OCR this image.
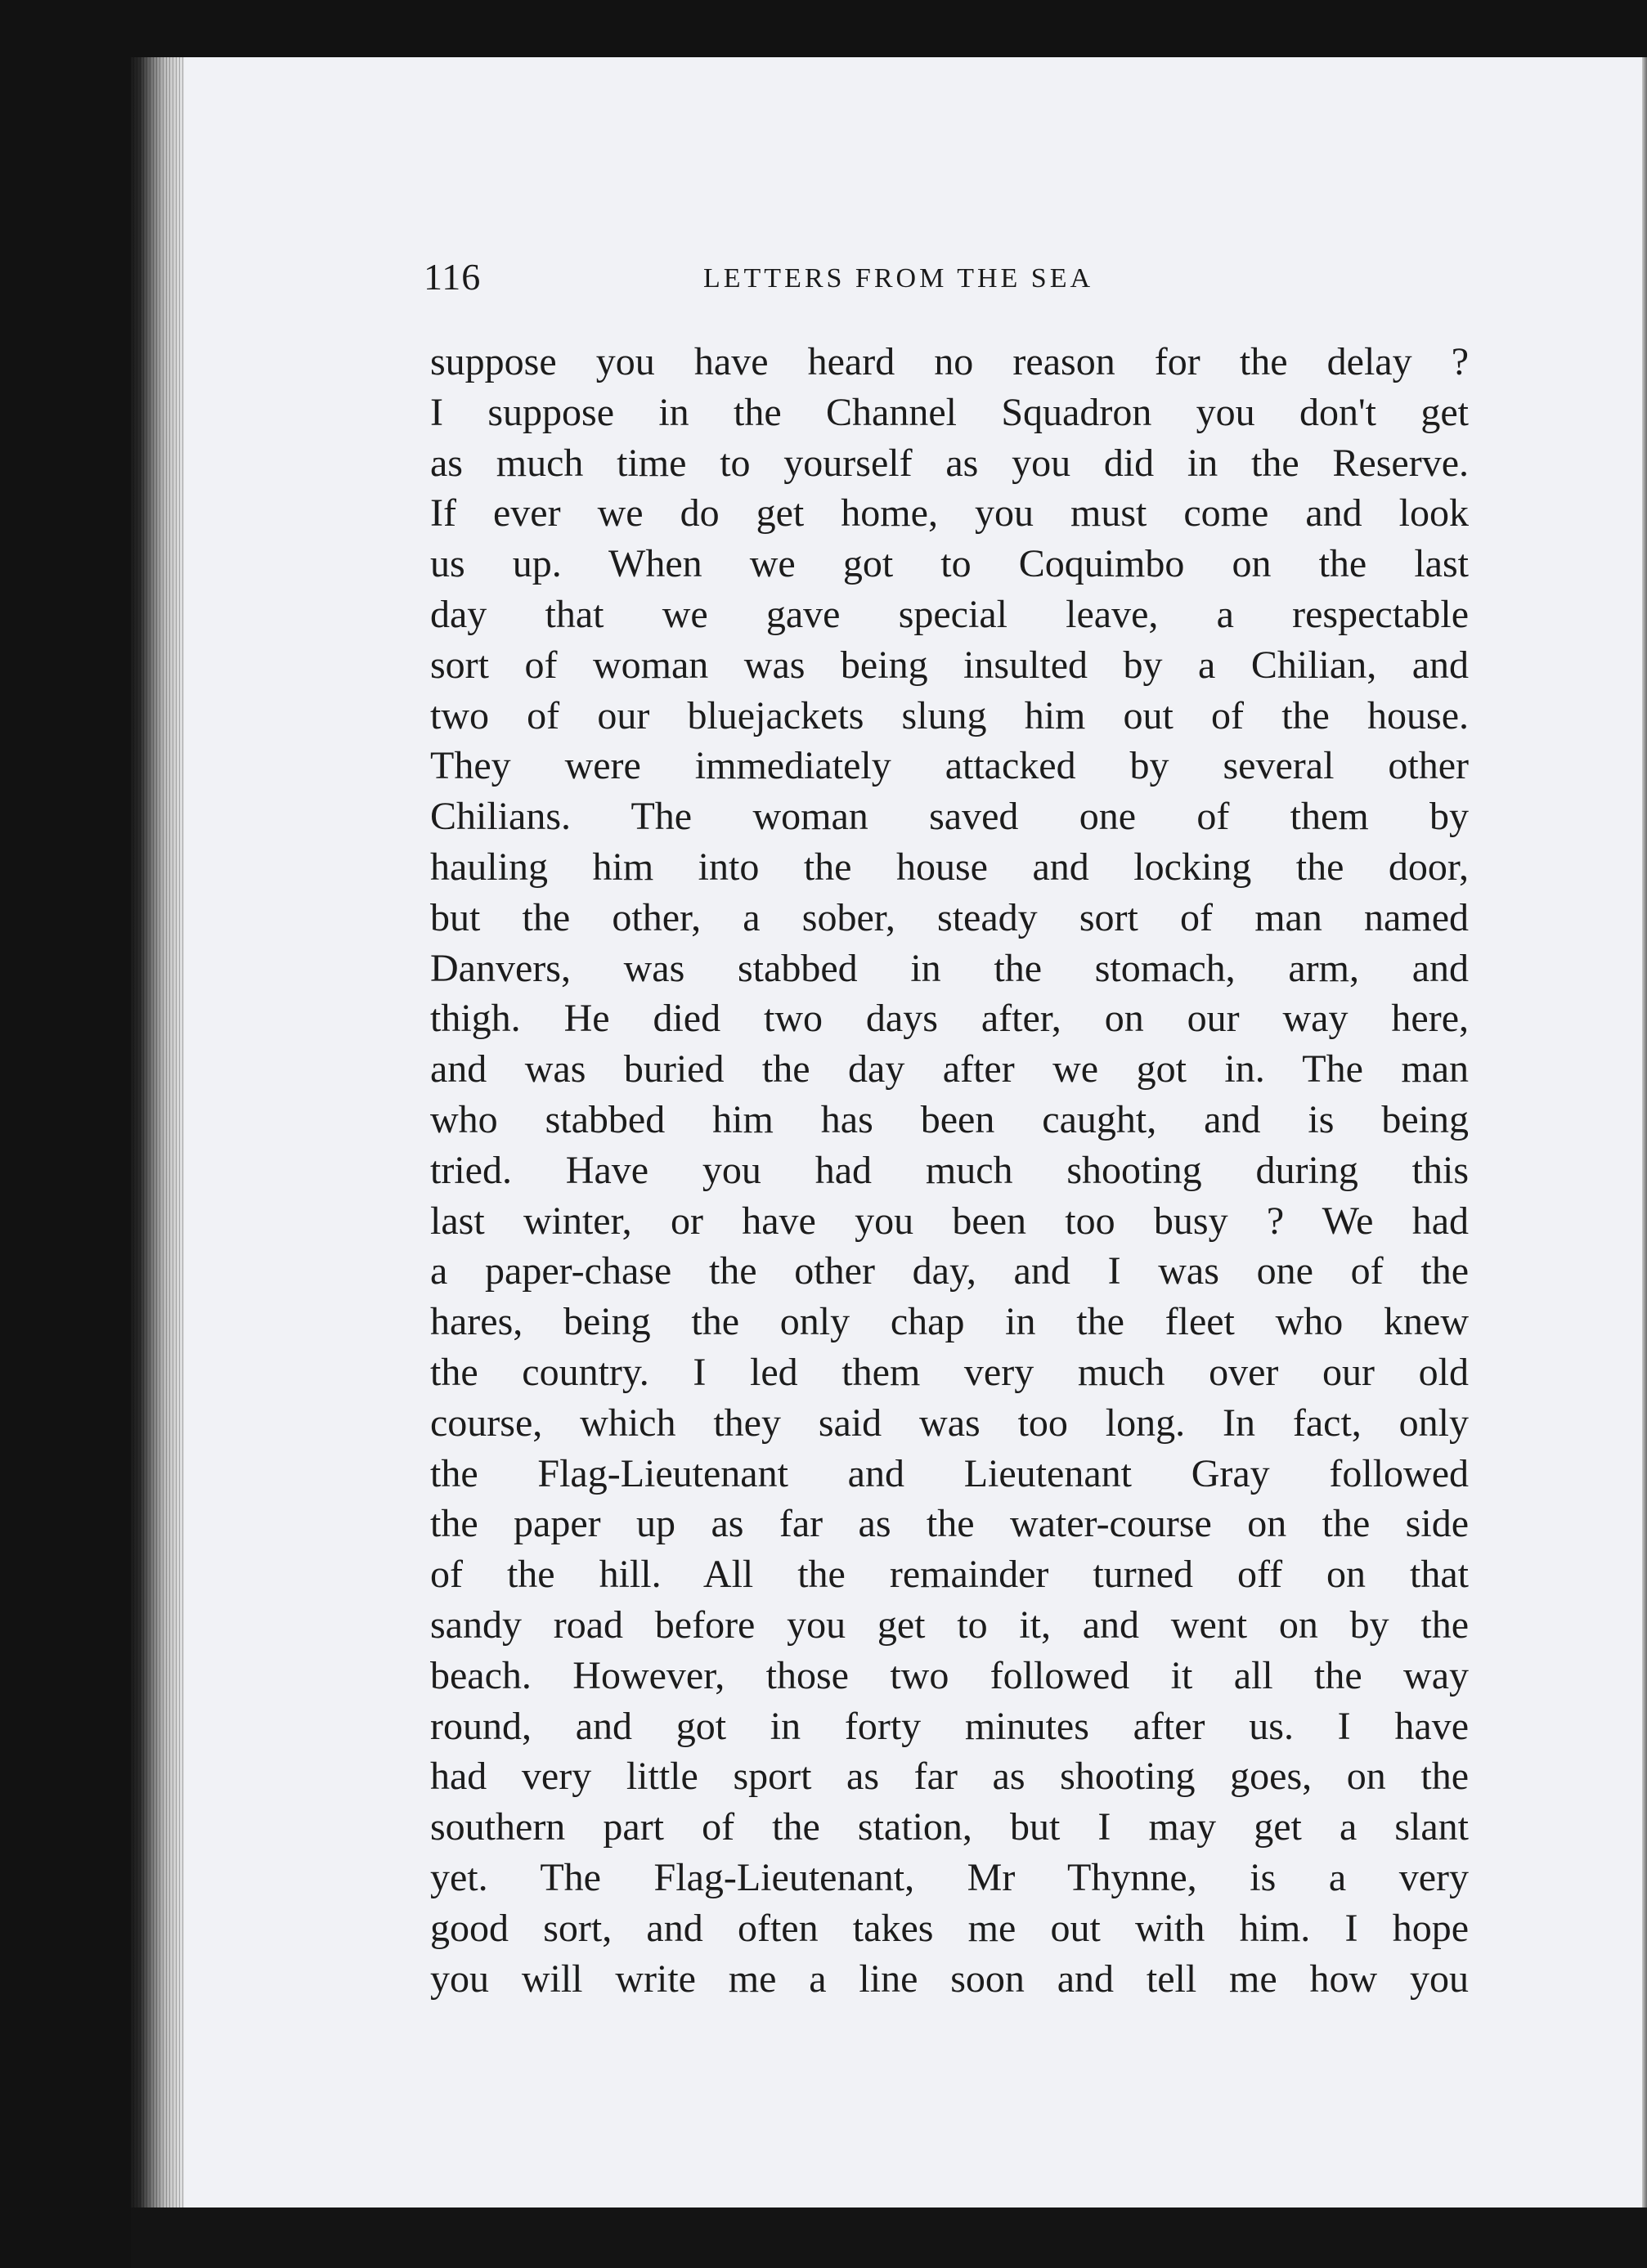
116	LETTERS FROM THE SEA
suppose you have heard no reason for the delay ?
I suppose in the Channel Squadron you don't get
as much time to yourself as you did in the Reserve.
If ever we do get home, you must come and look
us up. When we got to Coquimbo on the last
day that we gave special leave, a respectable
sort of woman was being insulted by a Chilian, and
two of our bluejackets slung him out of the house.
They were immediately attacked by several other
Chilians. The woman saved one of them by
hauling him into the house and locking the door,
but the other, a sober, steady sort of man named
Danvers, was stabbed in the stomach, arm, and
thigh. He died two days after, on our way here,
and was buried the day after we got in. The man
who stabbed him has been caught, and is being
tried. Have you had much shooting during this
last winter, or have you been too busy ? We had
a paper-chase the other day, and I was one of the
hares, being the only chap in the fleet who knew
the country. I led them very much over our old
course, which they said was too long. In fact, only
the Flag-Lieutenant and Lieutenant Gray followed
the paper up as far as the water-course on the side
of the hill. All the remainder turned off on that
sandy road before you get to it, and went on by the
beach. However, those two followed it all the way
round, and got in forty minutes after us. I have
had very little sport as far as shooting goes, on the
southern part of the station, but I may get a slant
yet. The Flag-Lieutenant, Mr Thynne, is a very
good sort, and often takes me out with him. I hope
you will write me a line soon and tell me how you
